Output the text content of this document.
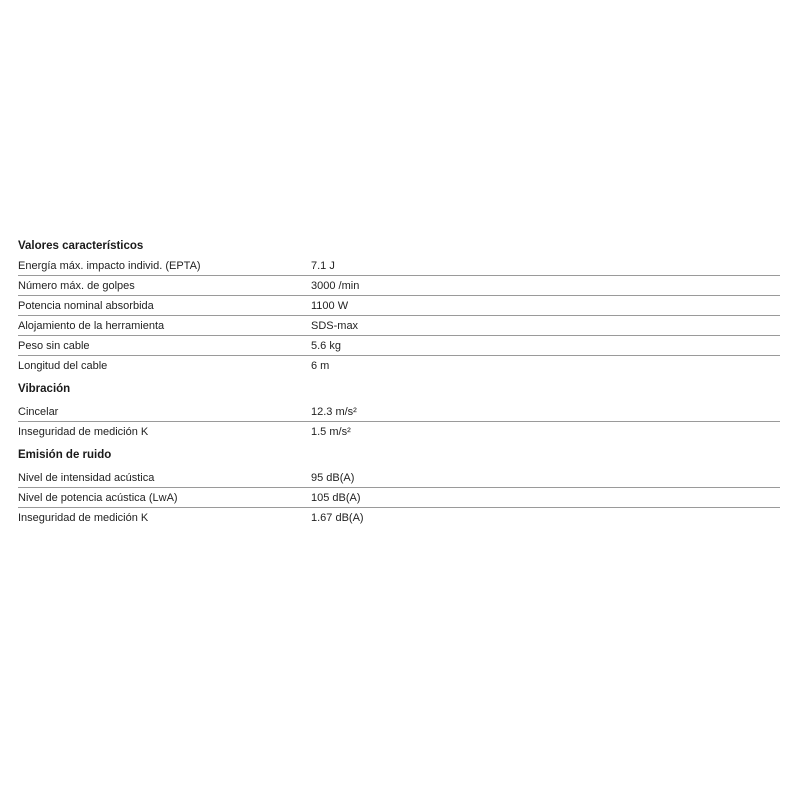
Valores característicos
Energía máx. impacto individ. (EPTA)	7.1 J
Número máx. de golpes	3000 /min
Potencia nominal absorbida	1100 W
Alojamiento de la herramienta	SDS-max
Peso sin cable	5.6 kg
Longitud del cable	6 m
Vibración
Cincelar	12.3 m/s²
Inseguridad de medición K	1.5 m/s²
Emisión de ruido
Nivel de intensidad acústica	95 dB(A)
Nivel de potencia acústica (LwA)	105 dB(A)
Inseguridad de medición K	1.67 dB(A)
